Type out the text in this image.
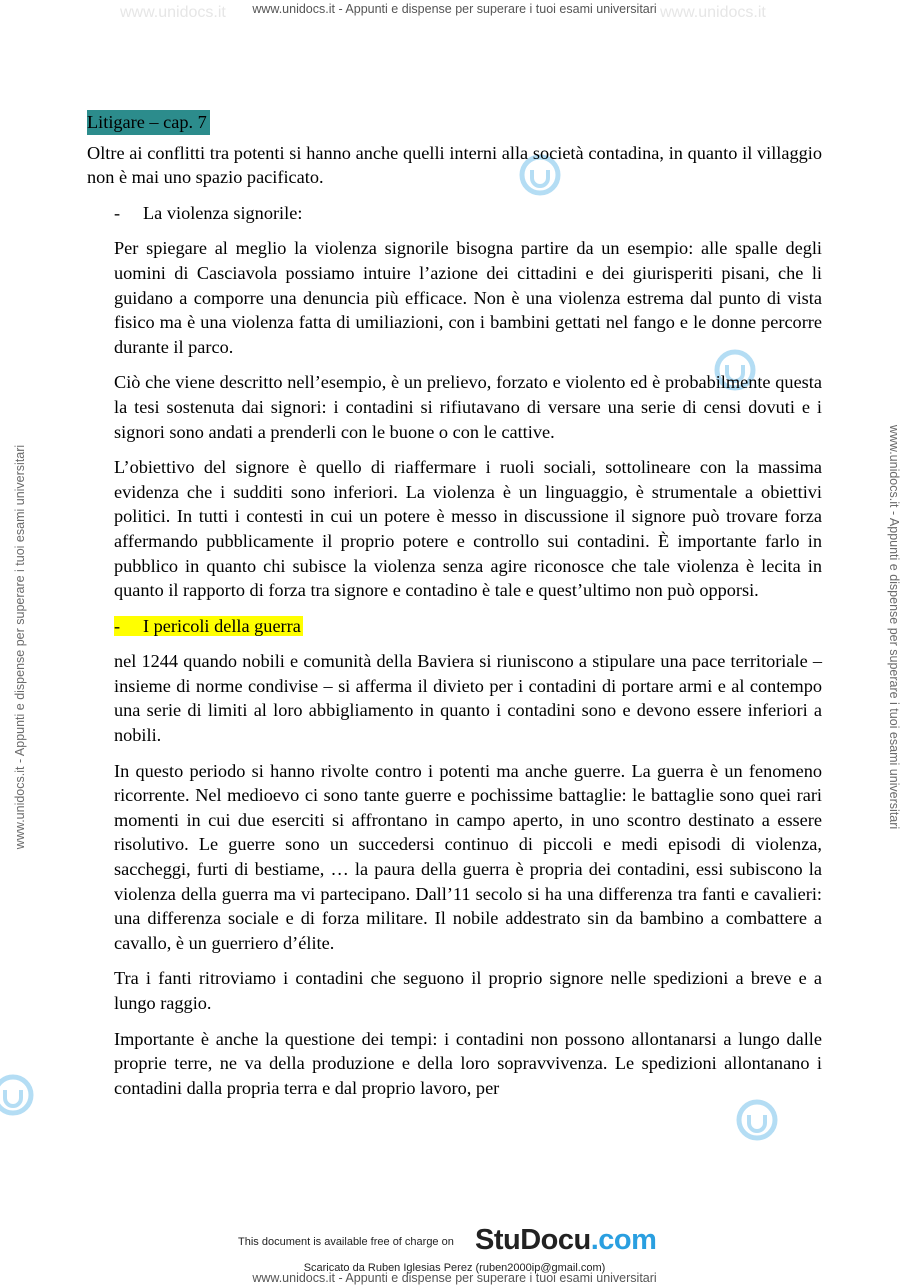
www.unidocs.it	www.unidocs.it
www.unidocs.it - Appunti e dispense per superare i tuoi esami universitari
www.unidocs.it - Appunti e dispense per superare i tuoi esami universitari	www.unidocs.it - Appunti e dispense per superare i tuoi esami universitari
Litigare – cap. 7

Oltre ai conflitti tra potenti si hanno anche quelli interni alla società contadina, in quanto il villaggio non è mai uno spazio pacificato.

- La violenza signorile:

Per spiegare al meglio la violenza signorile bisogna partire da un esempio: alle spalle degli uomini di Casciavola possiamo intuire l’azione dei cittadini e dei giurisperiti pisani, che li guidano a comporre una denuncia più efficace. Non è una violenza estrema dal punto di vista fisico ma è una violenza fatta di umiliazioni, con i bambini gettati nel fango e le donne percorre durante il parco.

Ciò che viene descritto nell’esempio, è un prelievo, forzato e violento ed è probabilmente questa la tesi sostenuta dai signori: i contadini si rifiutavano di versare una serie di censi dovuti e i signori sono andati a prenderli con le buone o con le cattive.

L’obiettivo del signore è quello di riaffermare i ruoli sociali, sottolineare con la massima evidenza che i sudditi sono inferiori. La violenza è un linguaggio, è strumentale a obiettivi politici. In tutti i contesti in cui un potere è messo in discussione il signore può trovare forza affermando pubblicamente il proprio potere e controllo sui contadini. È importante farlo in pubblico in quanto chi subisce la violenza senza agire riconosce che tale violenza è lecita in quanto il rapporto di forza tra signore e contadino è tale e quest’ultimo non può opporsi.

- I pericoli della guerra

nel 1244 quando nobili e comunità della Baviera si riuniscono a stipulare una pace territoriale – insieme di norme condivise – si afferma il divieto per i contadini di portare armi e al contempo una serie di limiti al loro abbigliamento in quanto i contadini sono e devono essere inferiori a nobili.

In questo periodo si hanno rivolte contro i potenti ma anche guerre. La guerra è un fenomeno ricorrente. Nel medioevo ci sono tante guerre e pochissime battaglie: le battaglie sono quei rari momenti in cui due eserciti si affrontano in campo aperto, in uno scontro destinato a essere risolutivo. Le guerre sono un succedersi continuo di piccoli e medi episodi di violenza, saccheggi, furti di bestiame, … la paura della guerra è propria dei contadini, essi subiscono la violenza della guerra ma vi partecipano. Dall’11 secolo si ha una differenza tra fanti e cavalieri: una differenza sociale e di forza militare. Il nobile addestrato sin da bambino a combattere a cavallo, è un guerriero d’élite.

Tra i fanti ritroviamo i contadini che seguono il proprio signore nelle spedizioni a breve e a lungo raggio.

Importante è anche la questione dei tempi: i contadini non possono allontanarsi a lungo dalle proprie terre, ne va della produzione e della loro sopravvivenza. Le spedizioni allontanano i contadini dalla propria terra e dal proprio lavoro, per

This document is available free of charge on StuDocu.com
Scaricato da Ruben Iglesias Perez (ruben2000ip@gmail.com)
www.unidocs.it - Appunti e dispense per superare i tuoi esami universitari
